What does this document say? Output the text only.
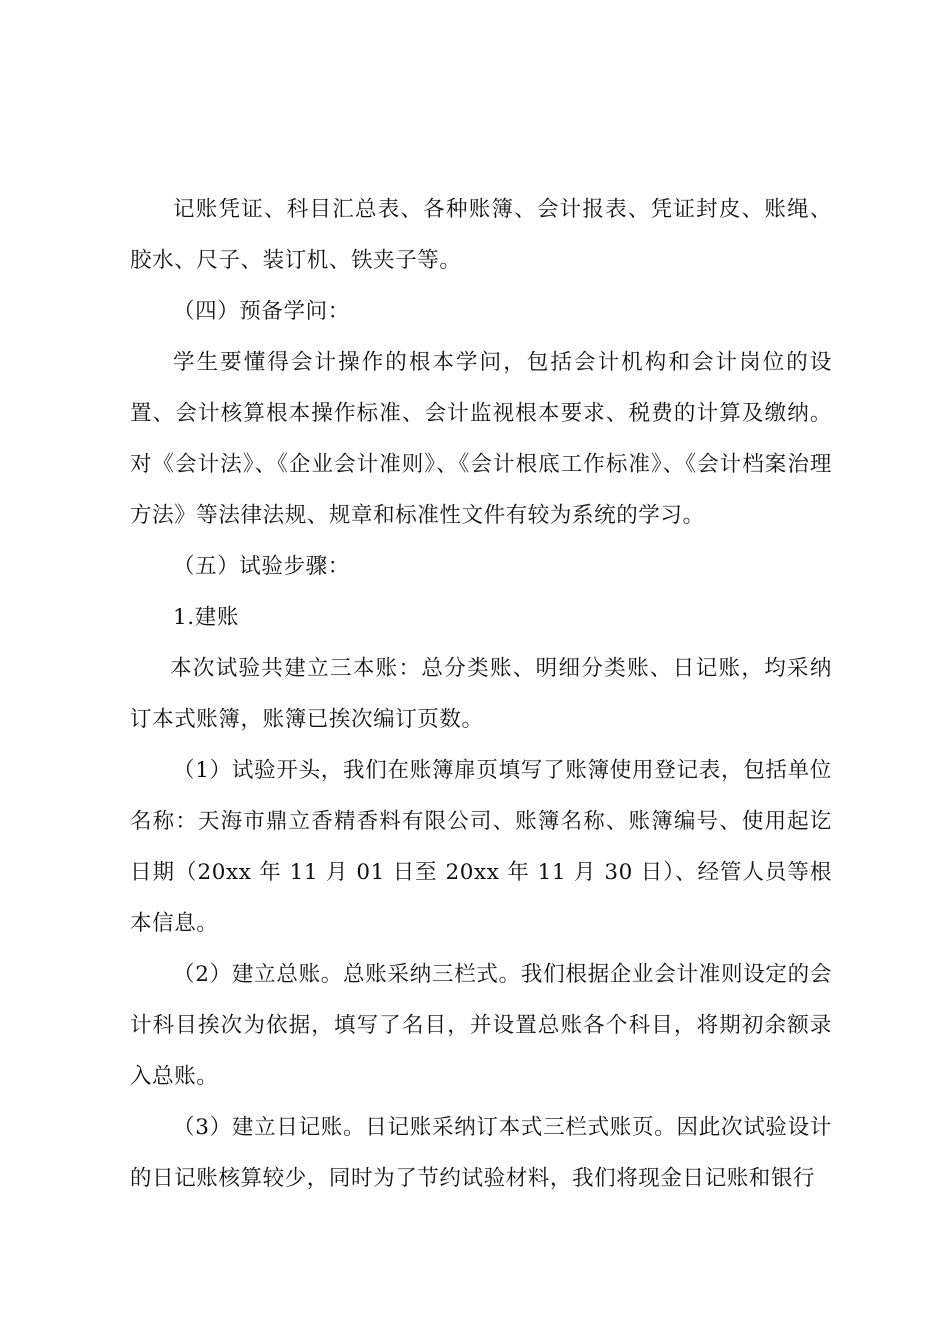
记账凭证、科目汇总表、各种账簿、会计报表、凭证封皮、账绳、胶水、尺子、装订机、铁夹子等。

（四）预备学问：

学生要懂得会计操作的根本学问，包括会计机构和会计岗位的设置、会计核算根本操作标准、会计监视根本要求、税费的计算及缴纳。对《会计法》、《企业会计准则》、《会计根底工作标准》、《会计档案治理方法》等法律法规、规章和标准性文件有较为系统的学习。

（五）试验步骤：

1.建账

本次试验共建立三本账：总分类账、明细分类账、日记账，均采纳订本式账簿，账簿已挨次编订页数。

（1）试验开头，我们在账簿扉页填写了账簿使用登记表，包括单位名称：天海市鼎立香精香料有限公司、账簿名称、账簿编号、使用起讫日期（20xx 年 11 月 01 日至 20xx 年 11 月 30 日）、经管人员等根本信息。

（2）建立总账。总账采纳三栏式。我们根据企业会计准则设定的会计科目挨次为依据，填写了名目，并设置总账各个科目，将期初余额录入总账。

（3）建立日记账。日记账采纳订本式三栏式账页。因此次试验设计的日记账核算较少，同时为了节约试验材料，我们将现金日记账和银行
